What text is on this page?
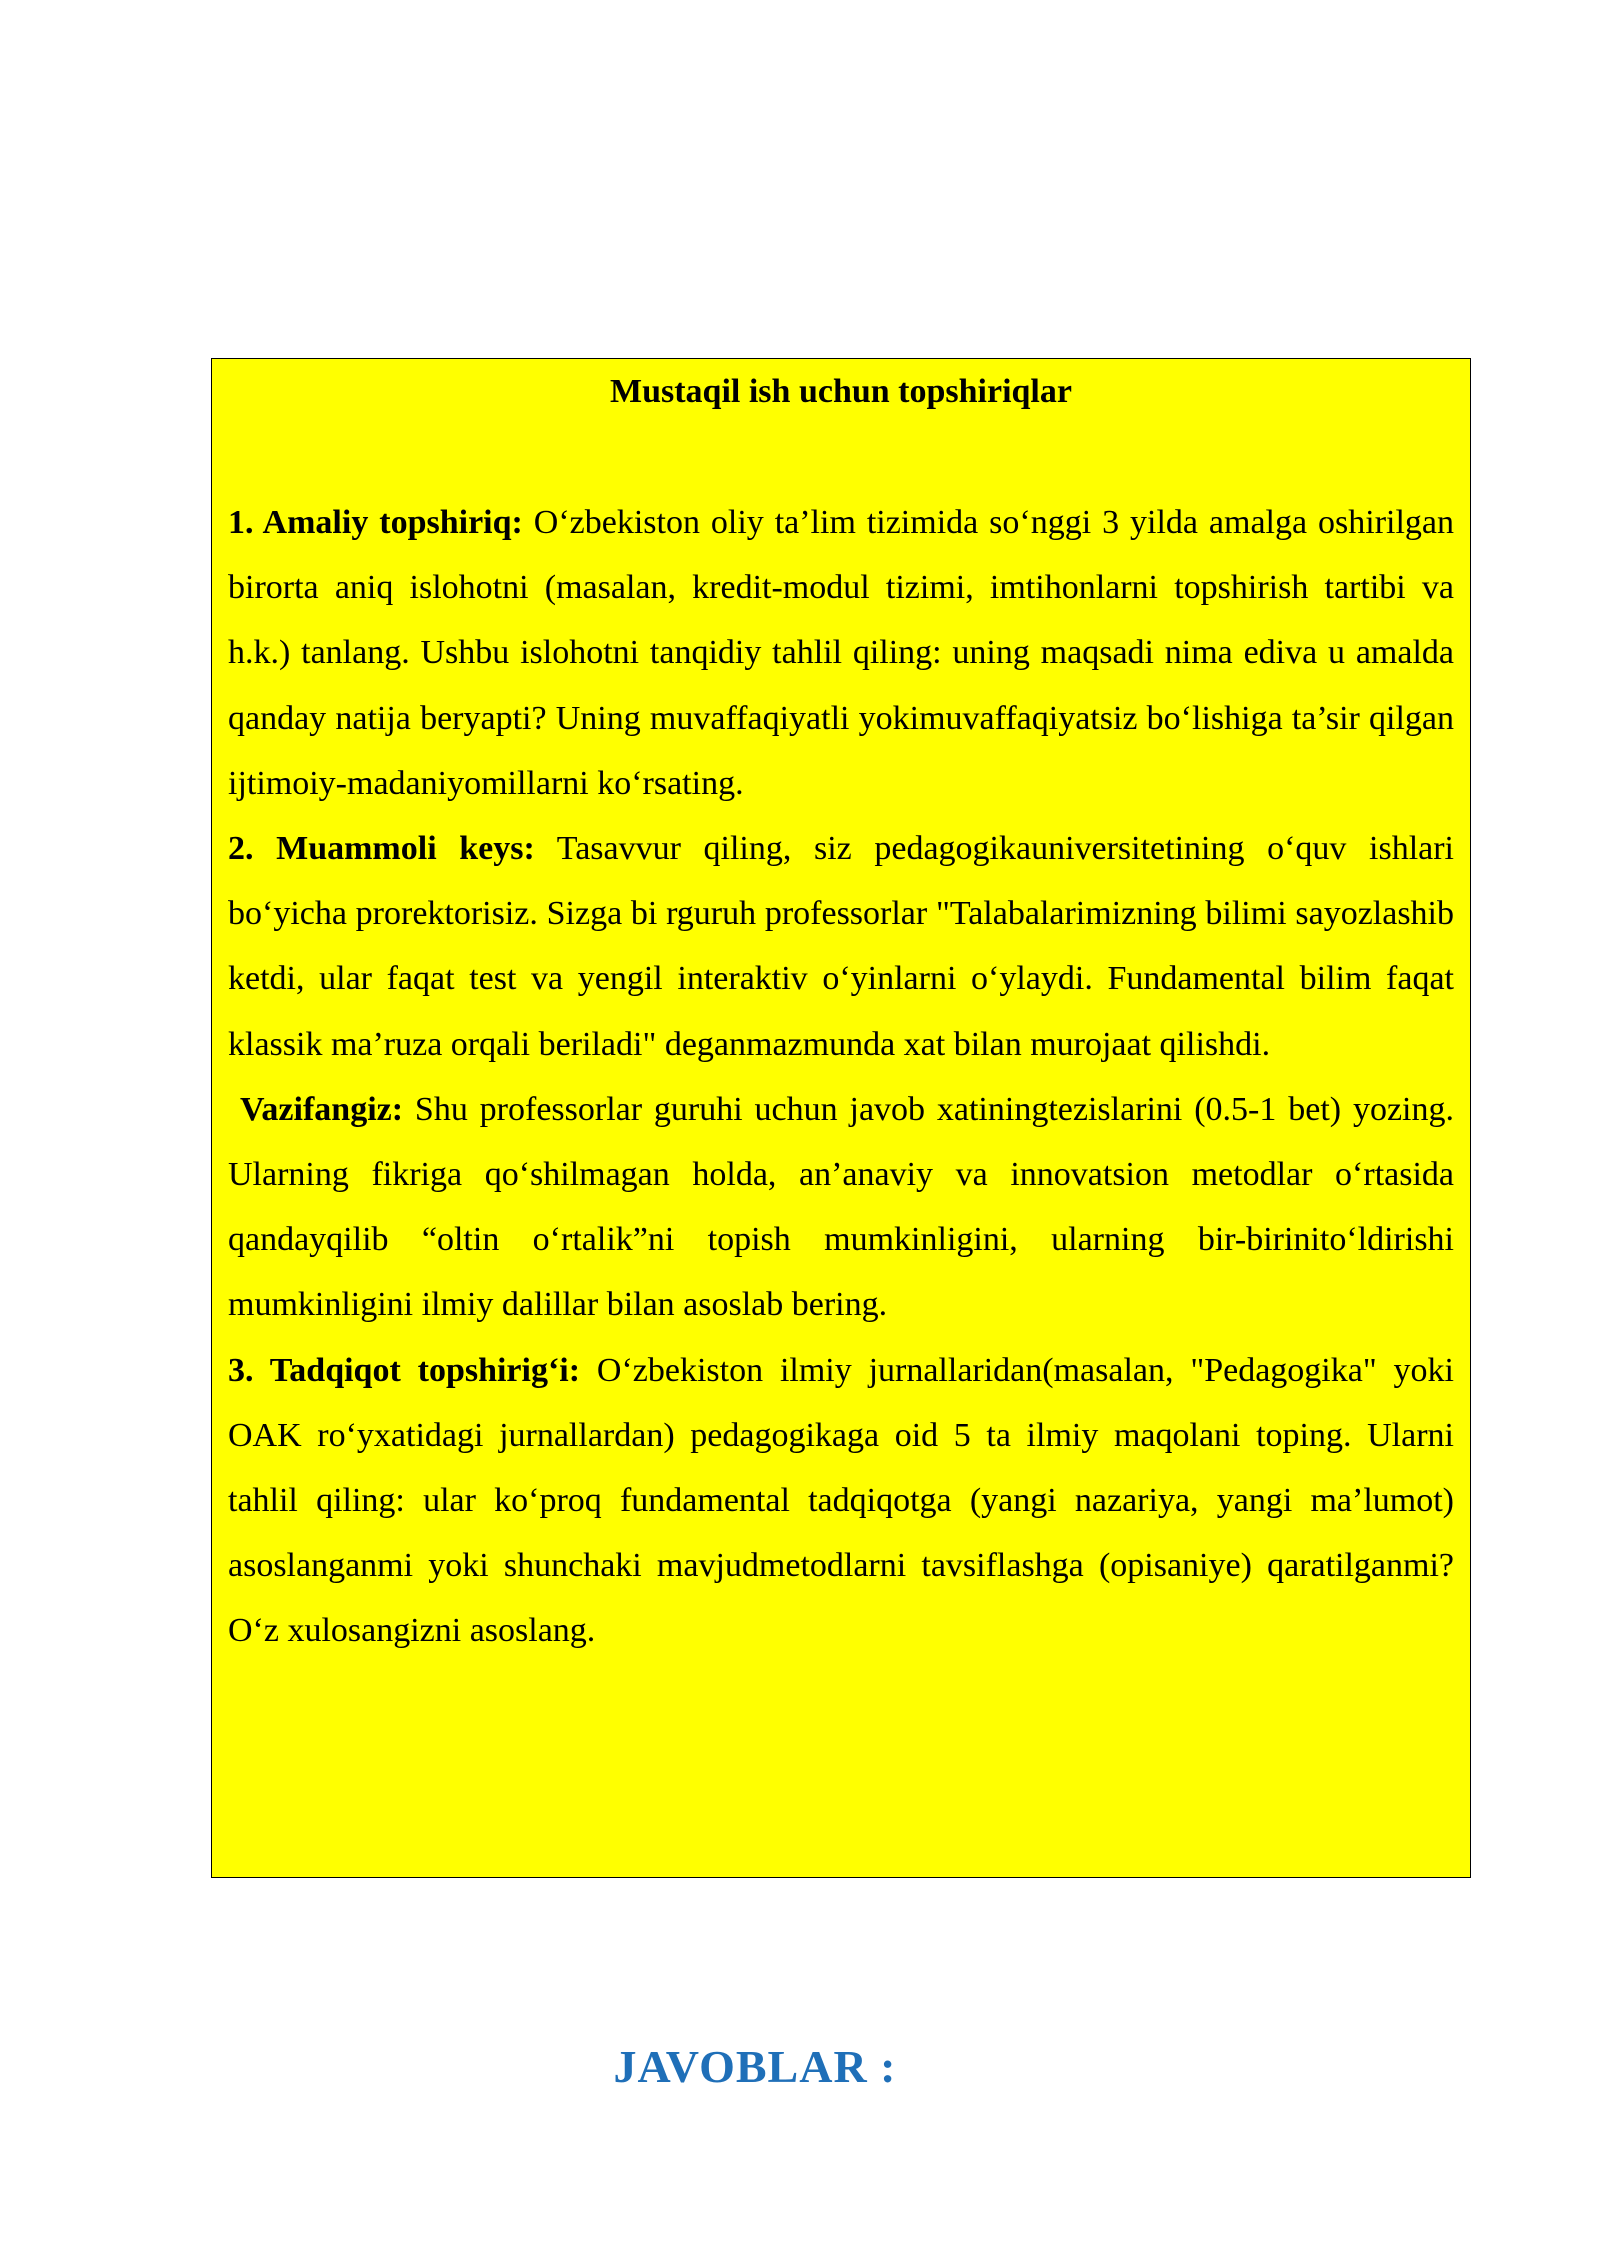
Mustaqil ish uchun topshiriqlar

1. Amaliy topshiriq: O‘zbekiston oliy ta’lim tizimida so‘nggi 3 yilda amalga oshirilgan birorta aniq islohotni (masalan, kredit-modul tizimi, imtihonlarni topshirish tartibi va h.k.) tanlang. Ushbu islohotni tanqidiy tahlil qiling: uning maqsadi nima ediva u amalda qanday natija beryapti? Uning muvaffaqiyatli yokimuvaffaqiyatsiz bo‘lishiga ta’sir qilgan ijtimoiy-madaniyomillarni ko‘rsating.

2. Muammoli keys: Tasavvur qiling, siz pedagogikauniversitetining o‘quv ishlari bo‘yicha prorektorisiz. Sizga bi rguruh professorlar "Talabalarimizning bilimi sayozlashib ketdi, ular faqat test va yengil interaktiv o‘yinlarni o‘ylaydi. Fundamental bilim faqat klassik ma’ruza orqali beriladi" deganmazmunda xat bilan murojaat qilishdi.

Vazifangiz: Shu professorlar guruhi uchun javob xatiningtezislarini (0.5-1 bet) yozing. Ularning fikriga qo‘shilmagan holda, an’anaviy va innovatsion metodlar o‘rtasida qandayqilib “oltin o‘rtalik”ni topish mumkinligini, ularning bir-birinito‘ldirishi mumkinligini ilmiy dalillar bilan asoslab bering.

3. Tadqiqot topshirig‘i: O‘zbekiston ilmiy jurnallaridan(masalan, "Pedagogika" yoki OAK ro‘yxatidagi jurnallardan) pedagogikaga oid 5 ta ilmiy maqolani toping. Ularni tahlil qiling: ular ko‘proq fundamental tadqiqotga (yangi nazariya, yangi ma’lumot) asoslanganmi yoki shunchaki mavjudmetodlarni tavsiflashga (opisaniye) qaratilganmi? O‘z xulosangizni asoslang.

JAVOBLAR :
